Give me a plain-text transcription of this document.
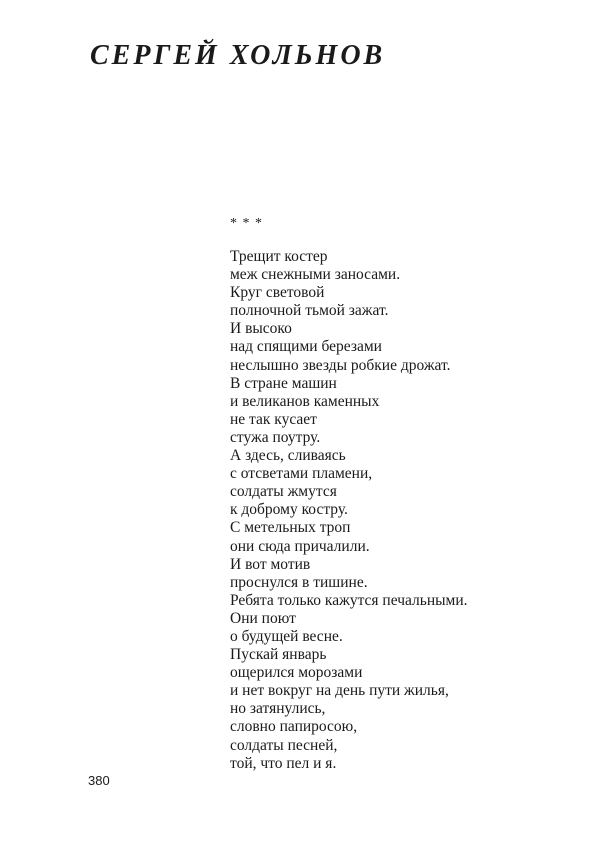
СЕРГЕЙ ХОЛЬНОВ
* * *
Трещит костер
меж снежными заносами.
Круг световой
полночной тьмой зажат.
И высоко
над спящими березами
неслышно звезды робкие дрожат.
В стране машин
и великанов каменных
не так кусает
стужа поутру.
А здесь, сливаясь
с отсветами пламени,
солдаты жмутся
к доброму костру.
С метельных троп
они сюда причалили.
И вот мотив
проснулся в тишине.
Ребята только кажутся печальными.
Они поют
о будущей весне.
Пускай январь
ощерился морозами
и нет вокруг на день пути жилья,
но затянулись,
словно папиросою,
солдаты песней,
той, что пел и я.
380
